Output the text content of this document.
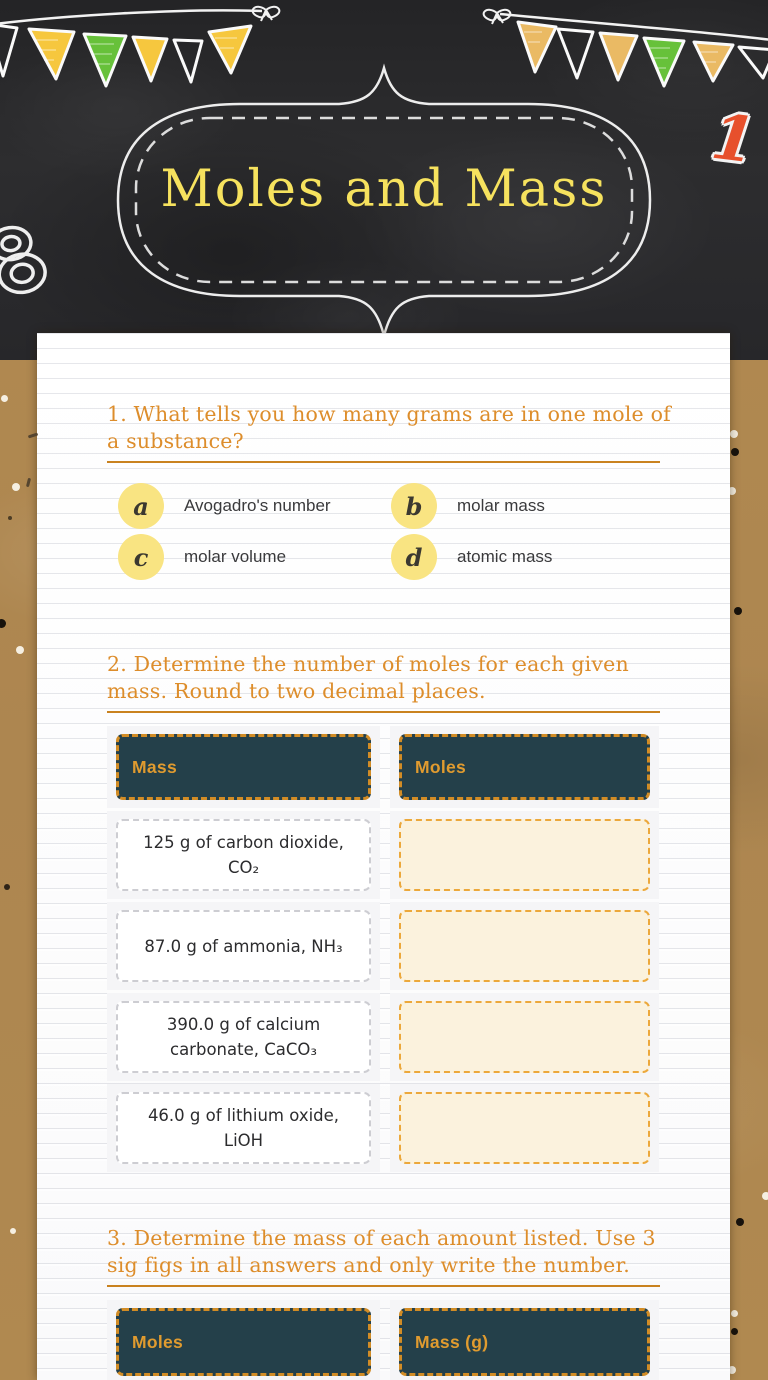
Moles and Mass
1
1. What tells you how many grams are in one mole of a substance?
a	Avogadro's number	b	molar mass
c	molar volume	d	atomic mass
2. Determine the number of moles for each given mass. Round to two decimal places.
Mass	Moles
125 g of carbon dioxide, CO₂
87.0 g of ammonia, NH₃
390.0 g of calcium carbonate, CaCO₃
46.0 g of lithium oxide, LiOH
3. Determine the mass of each amount listed. Use 3 sig figs in all answers and only write the number.
Moles	Mass (g)
